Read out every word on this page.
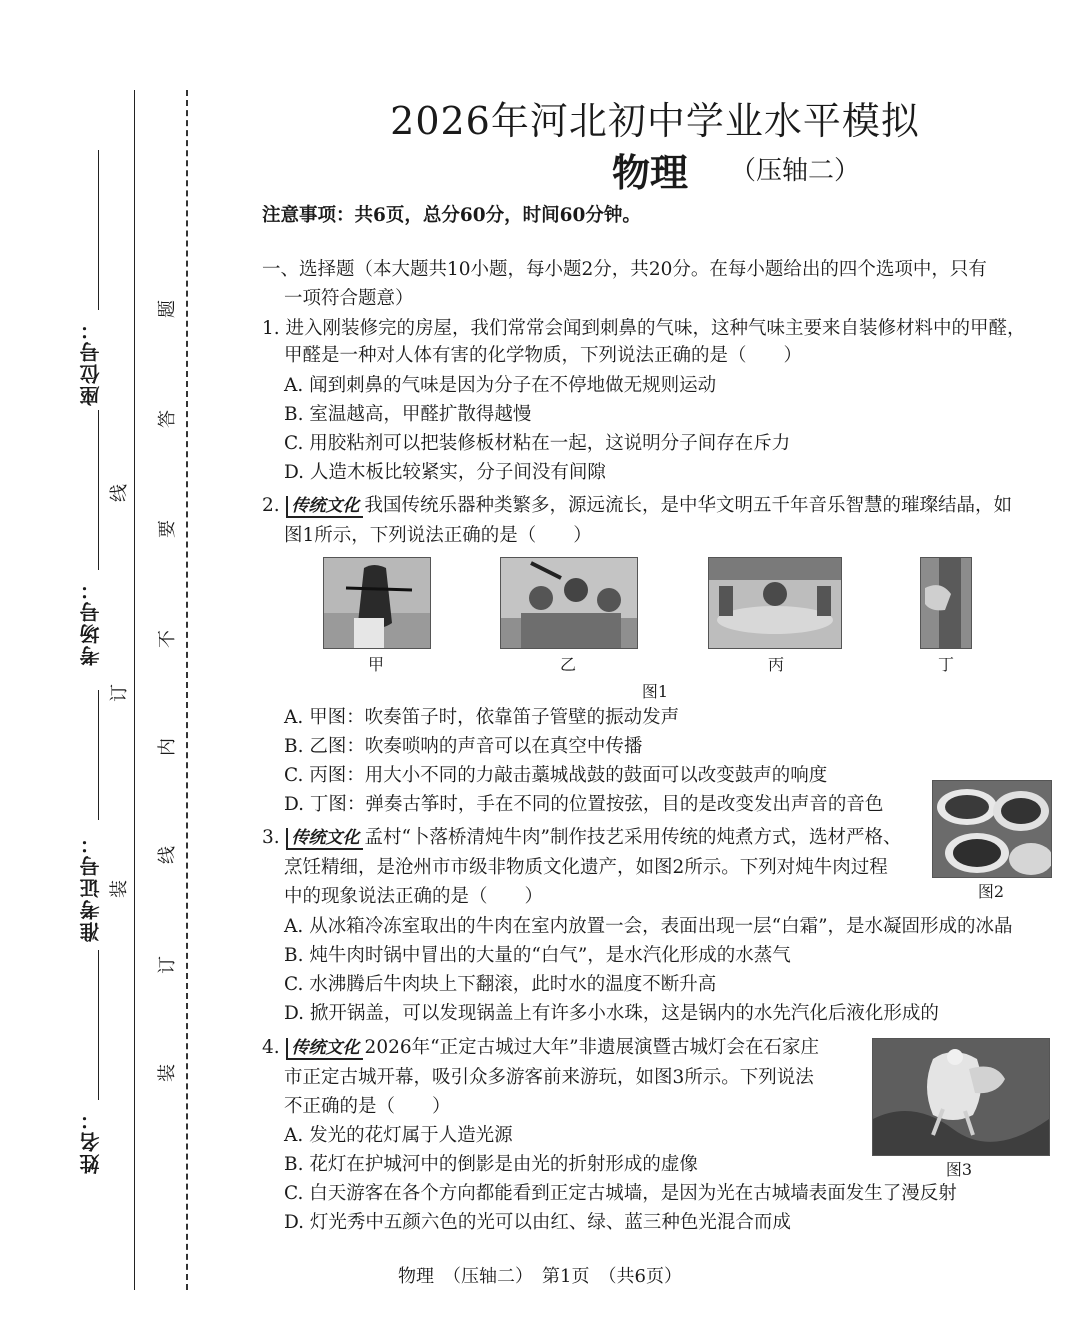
座位号：
考场号：
准考证号：
姓名：
线
订
装
题
答
要
不
内
线
订
装
2026年河北初中学业水平模拟
物理 （压轴二）
注意事项：共6页，总分60分，时间60分钟。
一、选择题（本大题共10小题，每小题2分，共20分。在每小题给出的四个选项中，只有
一项符合题意）
1. 进入刚装修完的房屋，我们常常会闻到刺鼻的气味，这种气味主要来自装修材料中的甲醛，
甲醛是一种对人体有害的化学物质，下列说法正确的是（　　）
A. 闻到刺鼻的气味是因为分子在不停地做无规则运动
B. 室温越高，甲醛扩散得越慢
C. 用胶粘剂可以把装修板材粘在一起，这说明分子间存在斥力
D. 人造木板比较紧实，分子间没有间隙
2. 传统文化 我国传统乐器种类繁多，源远流长，是中华文明五千年音乐智慧的璀璨结晶，如
图1所示，下列说法正确的是（　　）
甲	乙	丙	丁
图1
A. 甲图：吹奏笛子时，依靠笛子管壁的振动发声
B. 乙图：吹奏唢呐的声音可以在真空中传播
C. 丙图：用大小不同的力敲击藁城战鼓的鼓面可以改变鼓声的响度
D. 丁图：弹奏古筝时，手在不同的位置按弦，目的是改变发出声音的音色
图2
3. 传统文化 孟村“卜落桥清炖牛肉”制作技艺采用传统的炖煮方式，选材严格、
烹饪精细，是沧州市市级非物质文化遗产，如图2所示。下列对炖牛肉过程
中的现象说法正确的是（　　）
A. 从冰箱冷冻室取出的牛肉在室内放置一会，表面出现一层“白霜”，是水凝固形成的冰晶
B. 炖牛肉时锅中冒出的大量的“白气”，是水汽化形成的水蒸气
C. 水沸腾后牛肉块上下翻滚，此时水的温度不断升高
D. 掀开锅盖，可以发现锅盖上有许多小水珠，这是锅内的水先汽化后液化形成的
图3
4. 传统文化 2026年“正定古城过大年”非遗展演暨古城灯会在石家庄
市正定古城开幕，吸引众多游客前来游玩，如图3所示。下列说法
不正确的是（　　）
A. 发光的花灯属于人造光源
B. 花灯在护城河中的倒影是由光的折射形成的虚像
C. 白天游客在各个方向都能看到正定古城墙，是因为光在古城墙表面发生了漫反射
D. 灯光秀中五颜六色的光可以由红、绿、蓝三种色光混合而成
物理　（压轴二）　第1页　（共6页）
